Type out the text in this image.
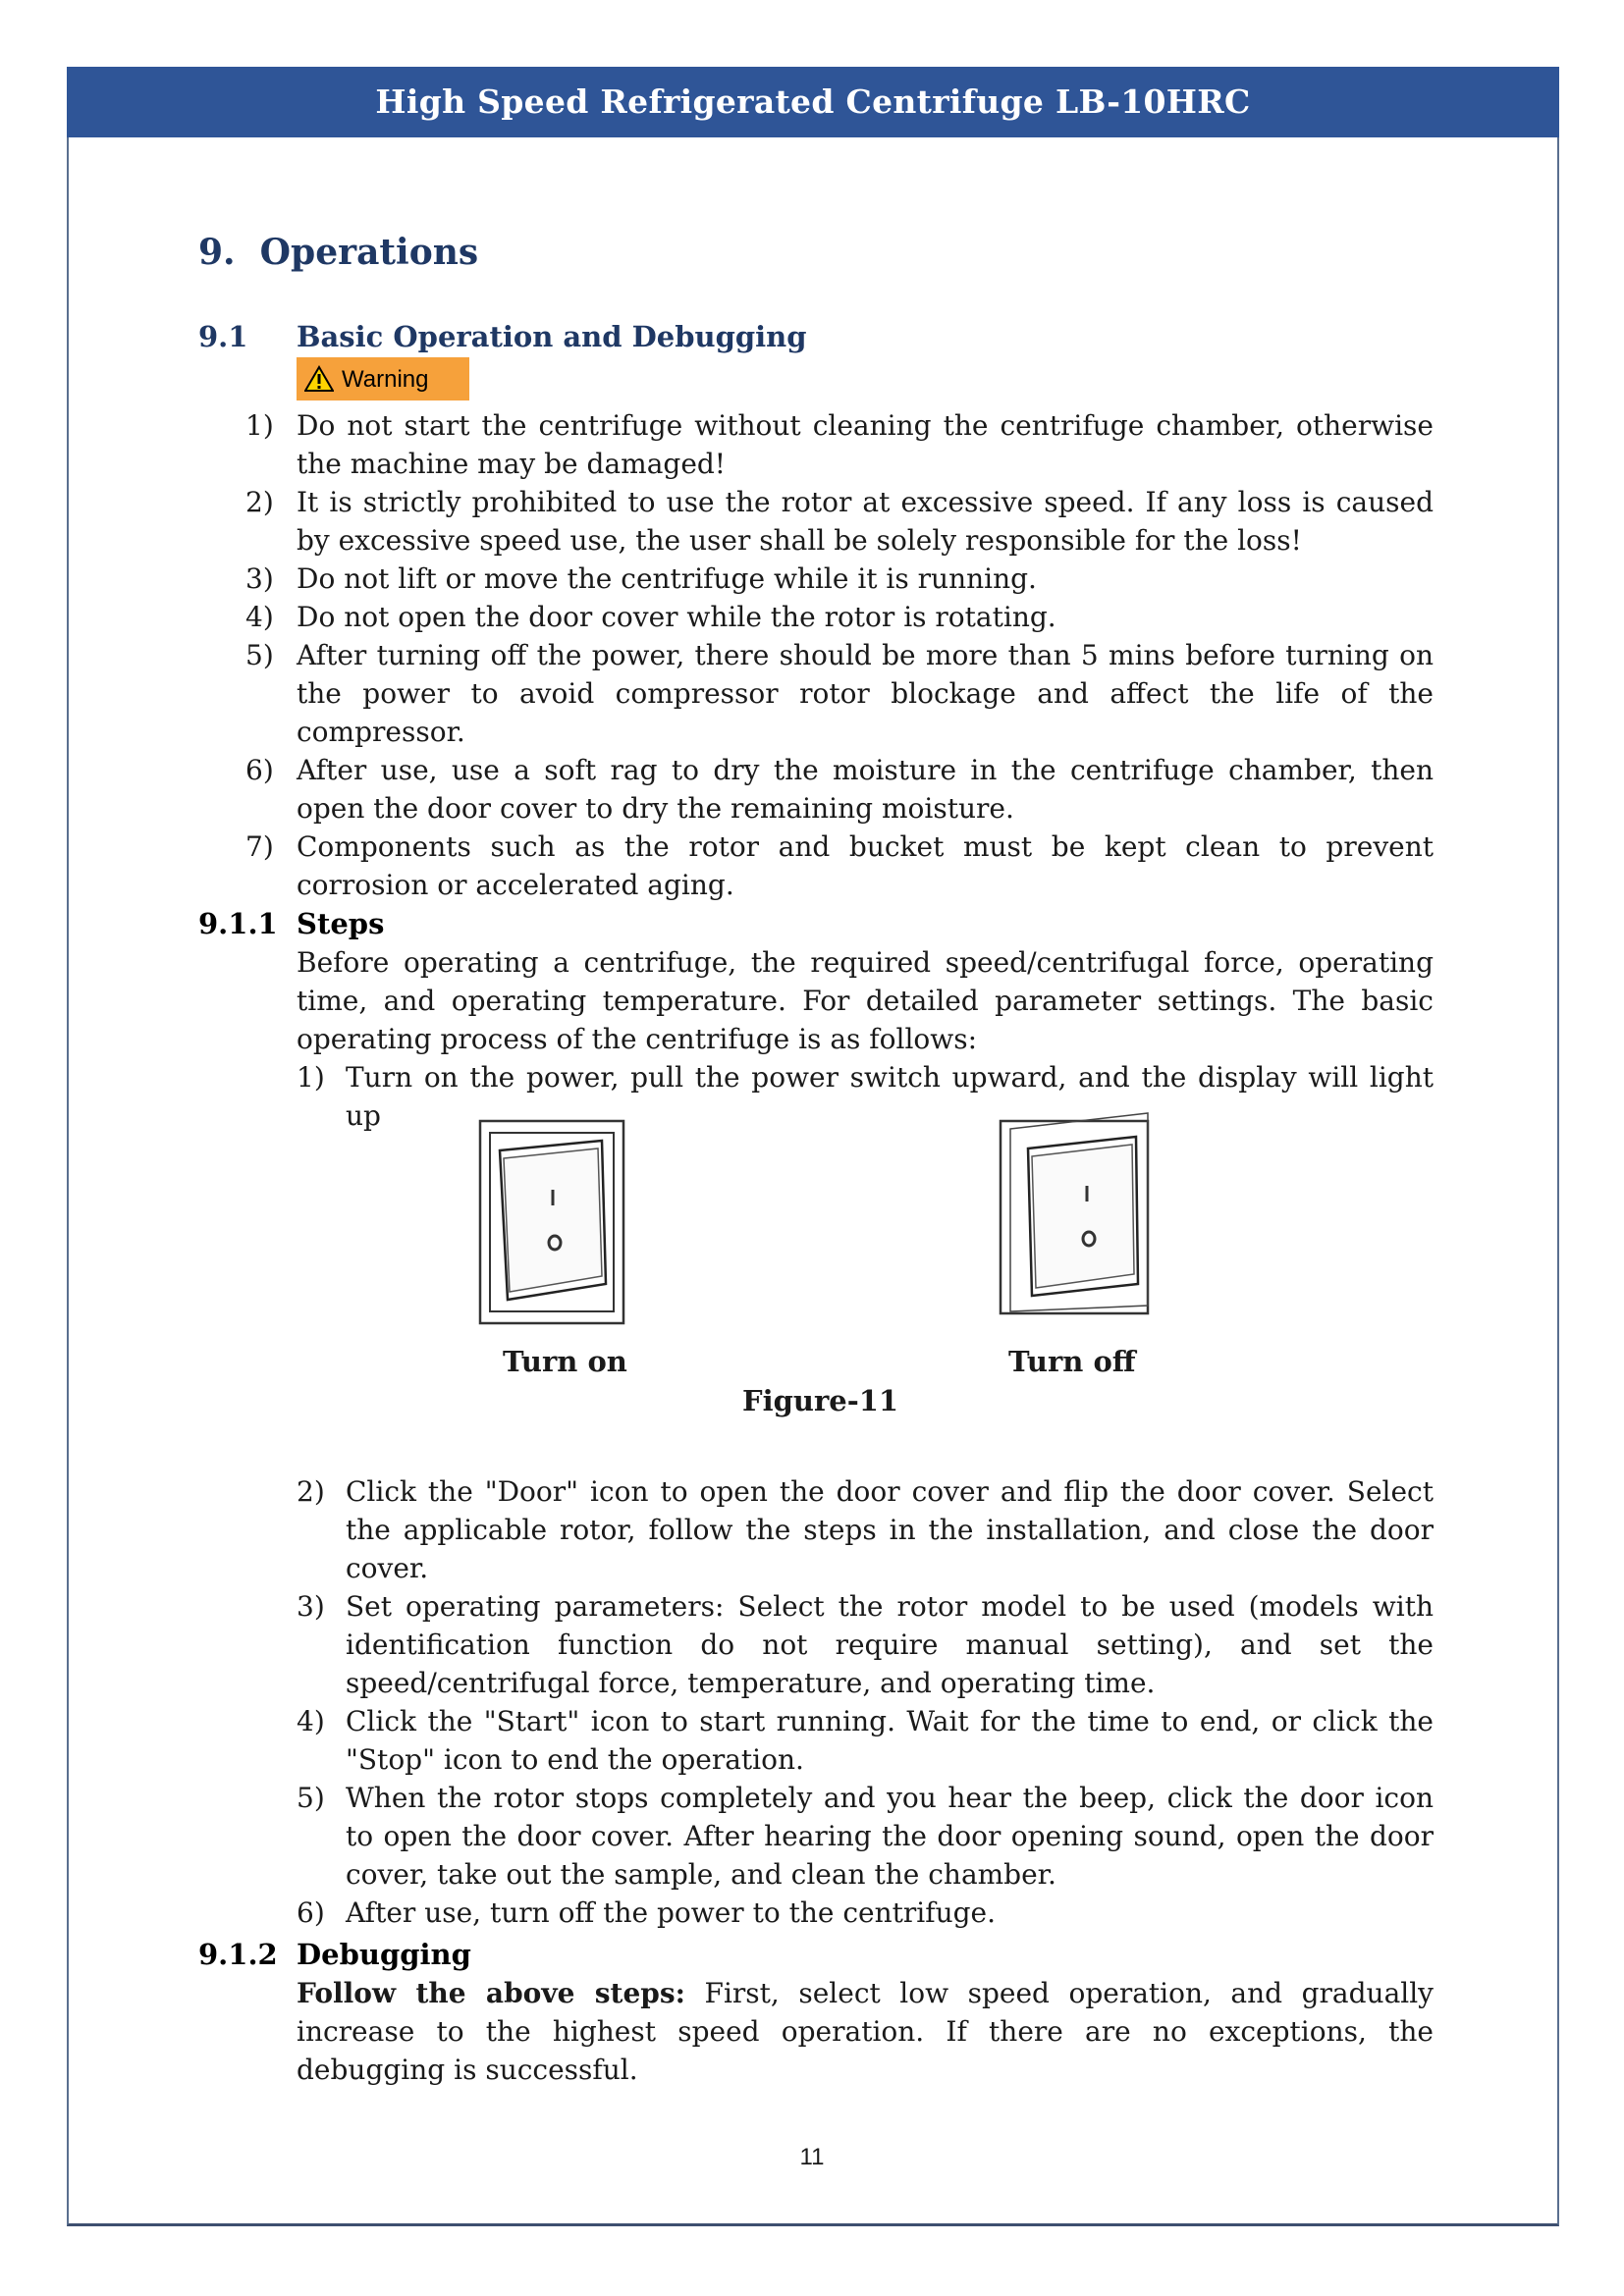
High Speed Refrigerated Centrifuge LB-10HRC
9. Operations
9.1 Basic Operation and Debugging
Warning
1) Do not start the centrifuge without cleaning the centrifuge chamber, otherwise the machine may be damaged!
2) It is strictly prohibited to use the rotor at excessive speed. If any loss is caused by excessive speed use, the user shall be solely responsible for the loss!
3) Do not lift or move the centrifuge while it is running.
4) Do not open the door cover while the rotor is rotating.
5) After turning off the power, there should be more than 5 mins before turning on the power to avoid compressor rotor blockage and affect the life of the compressor.
6) After use, use a soft rag to dry the moisture in the centrifuge chamber, then open the door cover to dry the remaining moisture.
7) Components such as the rotor and bucket must be kept clean to prevent corrosion or accelerated aging.
9.1.1 Steps
Before operating a centrifuge, the required speed/centrifugal force, operating time, and operating temperature. For detailed parameter settings. The basic operating process of the centrifuge is as follows:
1) Turn on the power, pull the power switch upward, and the display will light up
Turn on	Turn off
Figure-11
2) Click the "Door" icon to open the door cover and flip the door cover. Select the applicable rotor, follow the steps in the installation, and close the door cover.
3) Set operating parameters: Select the rotor model to be used (models with identification function do not require manual setting), and set the speed/centrifugal force, temperature, and operating time.
4) Click the "Start" icon to start running. Wait for the time to end, or click the "Stop" icon to end the operation.
5) When the rotor stops completely and you hear the beep, click the door icon to open the door cover. After hearing the door opening sound, open the door cover, take out the sample, and clean the chamber.
6) After use, turn off the power to the centrifuge.
9.1.2 Debugging
Follow the above steps: First, select low speed operation, and gradually increase to the highest speed operation. If there are no exceptions, the debugging is successful.
11
